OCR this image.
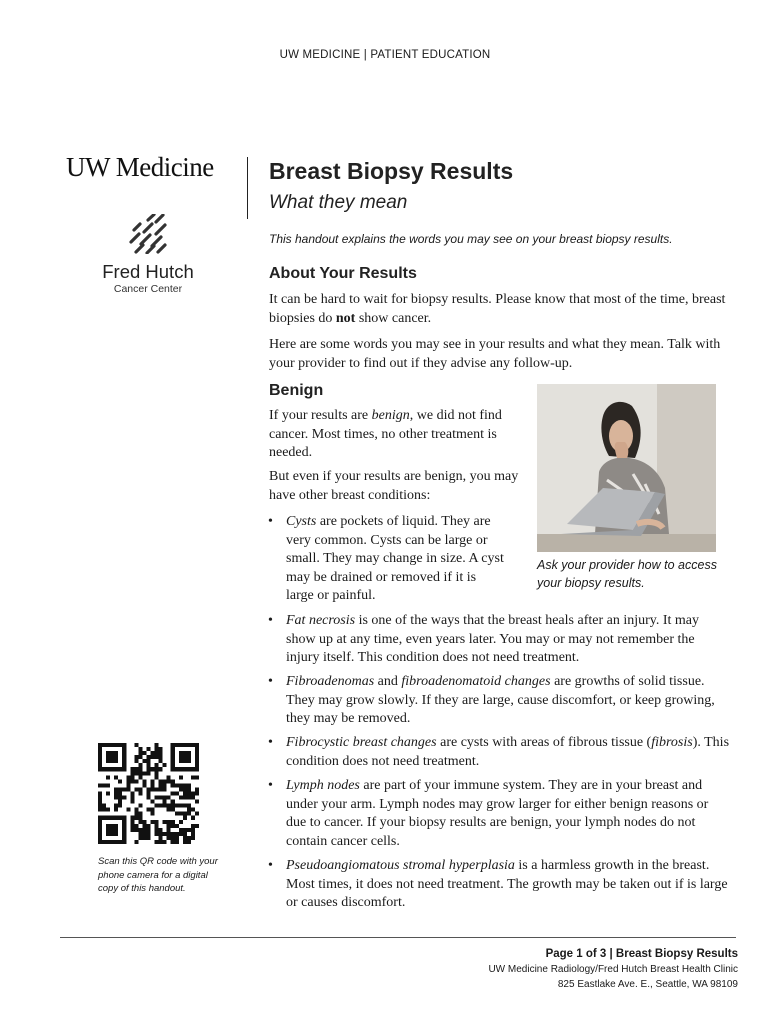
UW MEDICINE | PATIENT EDUCATION
UW Medicine
Fred Hutch
Cancer Center
Breast Biopsy Results
What they mean
This handout explains the words you may see on your breast biopsy results.
About Your Results
It can be hard to wait for biopsy results. Please know that most of the time, breast biopsies do not show cancer.
Here are some words you may see in your results and what they mean. Talk with your provider to find out if they advise any follow-up.
Benign
If your results are benign, we did not find cancer. Most times, no other treatment is needed.
But even if your results are benign, you may have other breast conditions:
• Cysts are pockets of liquid. They are very common. Cysts can be large or small. They may change in size. A cyst may be drained or removed if it is large or painful.
• Fat necrosis is one of the ways that the breast heals after an injury. It may show up at any time, even years later. You may or may not remember the injury itself. This condition does not need treatment.
• Fibroadenomas and fibroadenomatoid changes are growths of solid tissue. They may grow slowly. If they are large, cause discomfort, or keep growing, they may be removed.
• Fibrocystic breast changes are cysts with areas of fibrous tissue (fibrosis). This condition does not need treatment.
• Lymph nodes are part of your immune system. They are in your breast and under your arm. Lymph nodes may grow larger for either benign reasons or due to cancer. If your biopsy results are benign, your lymph nodes do not contain cancer cells.
• Pseudoangiomatous stromal hyperplasia is a harmless growth in the breast. Most times, it does not need treatment. The growth may be taken out if is large or causes discomfort.
Ask your provider how to access your biopsy results.
Scan this QR code with your phone camera for a digital copy of this handout.
Page 1 of 3 | Breast Biopsy Results
UW Medicine Radiology/Fred Hutch Breast Health Clinic
825 Eastlake Ave. E., Seattle, WA 98109
